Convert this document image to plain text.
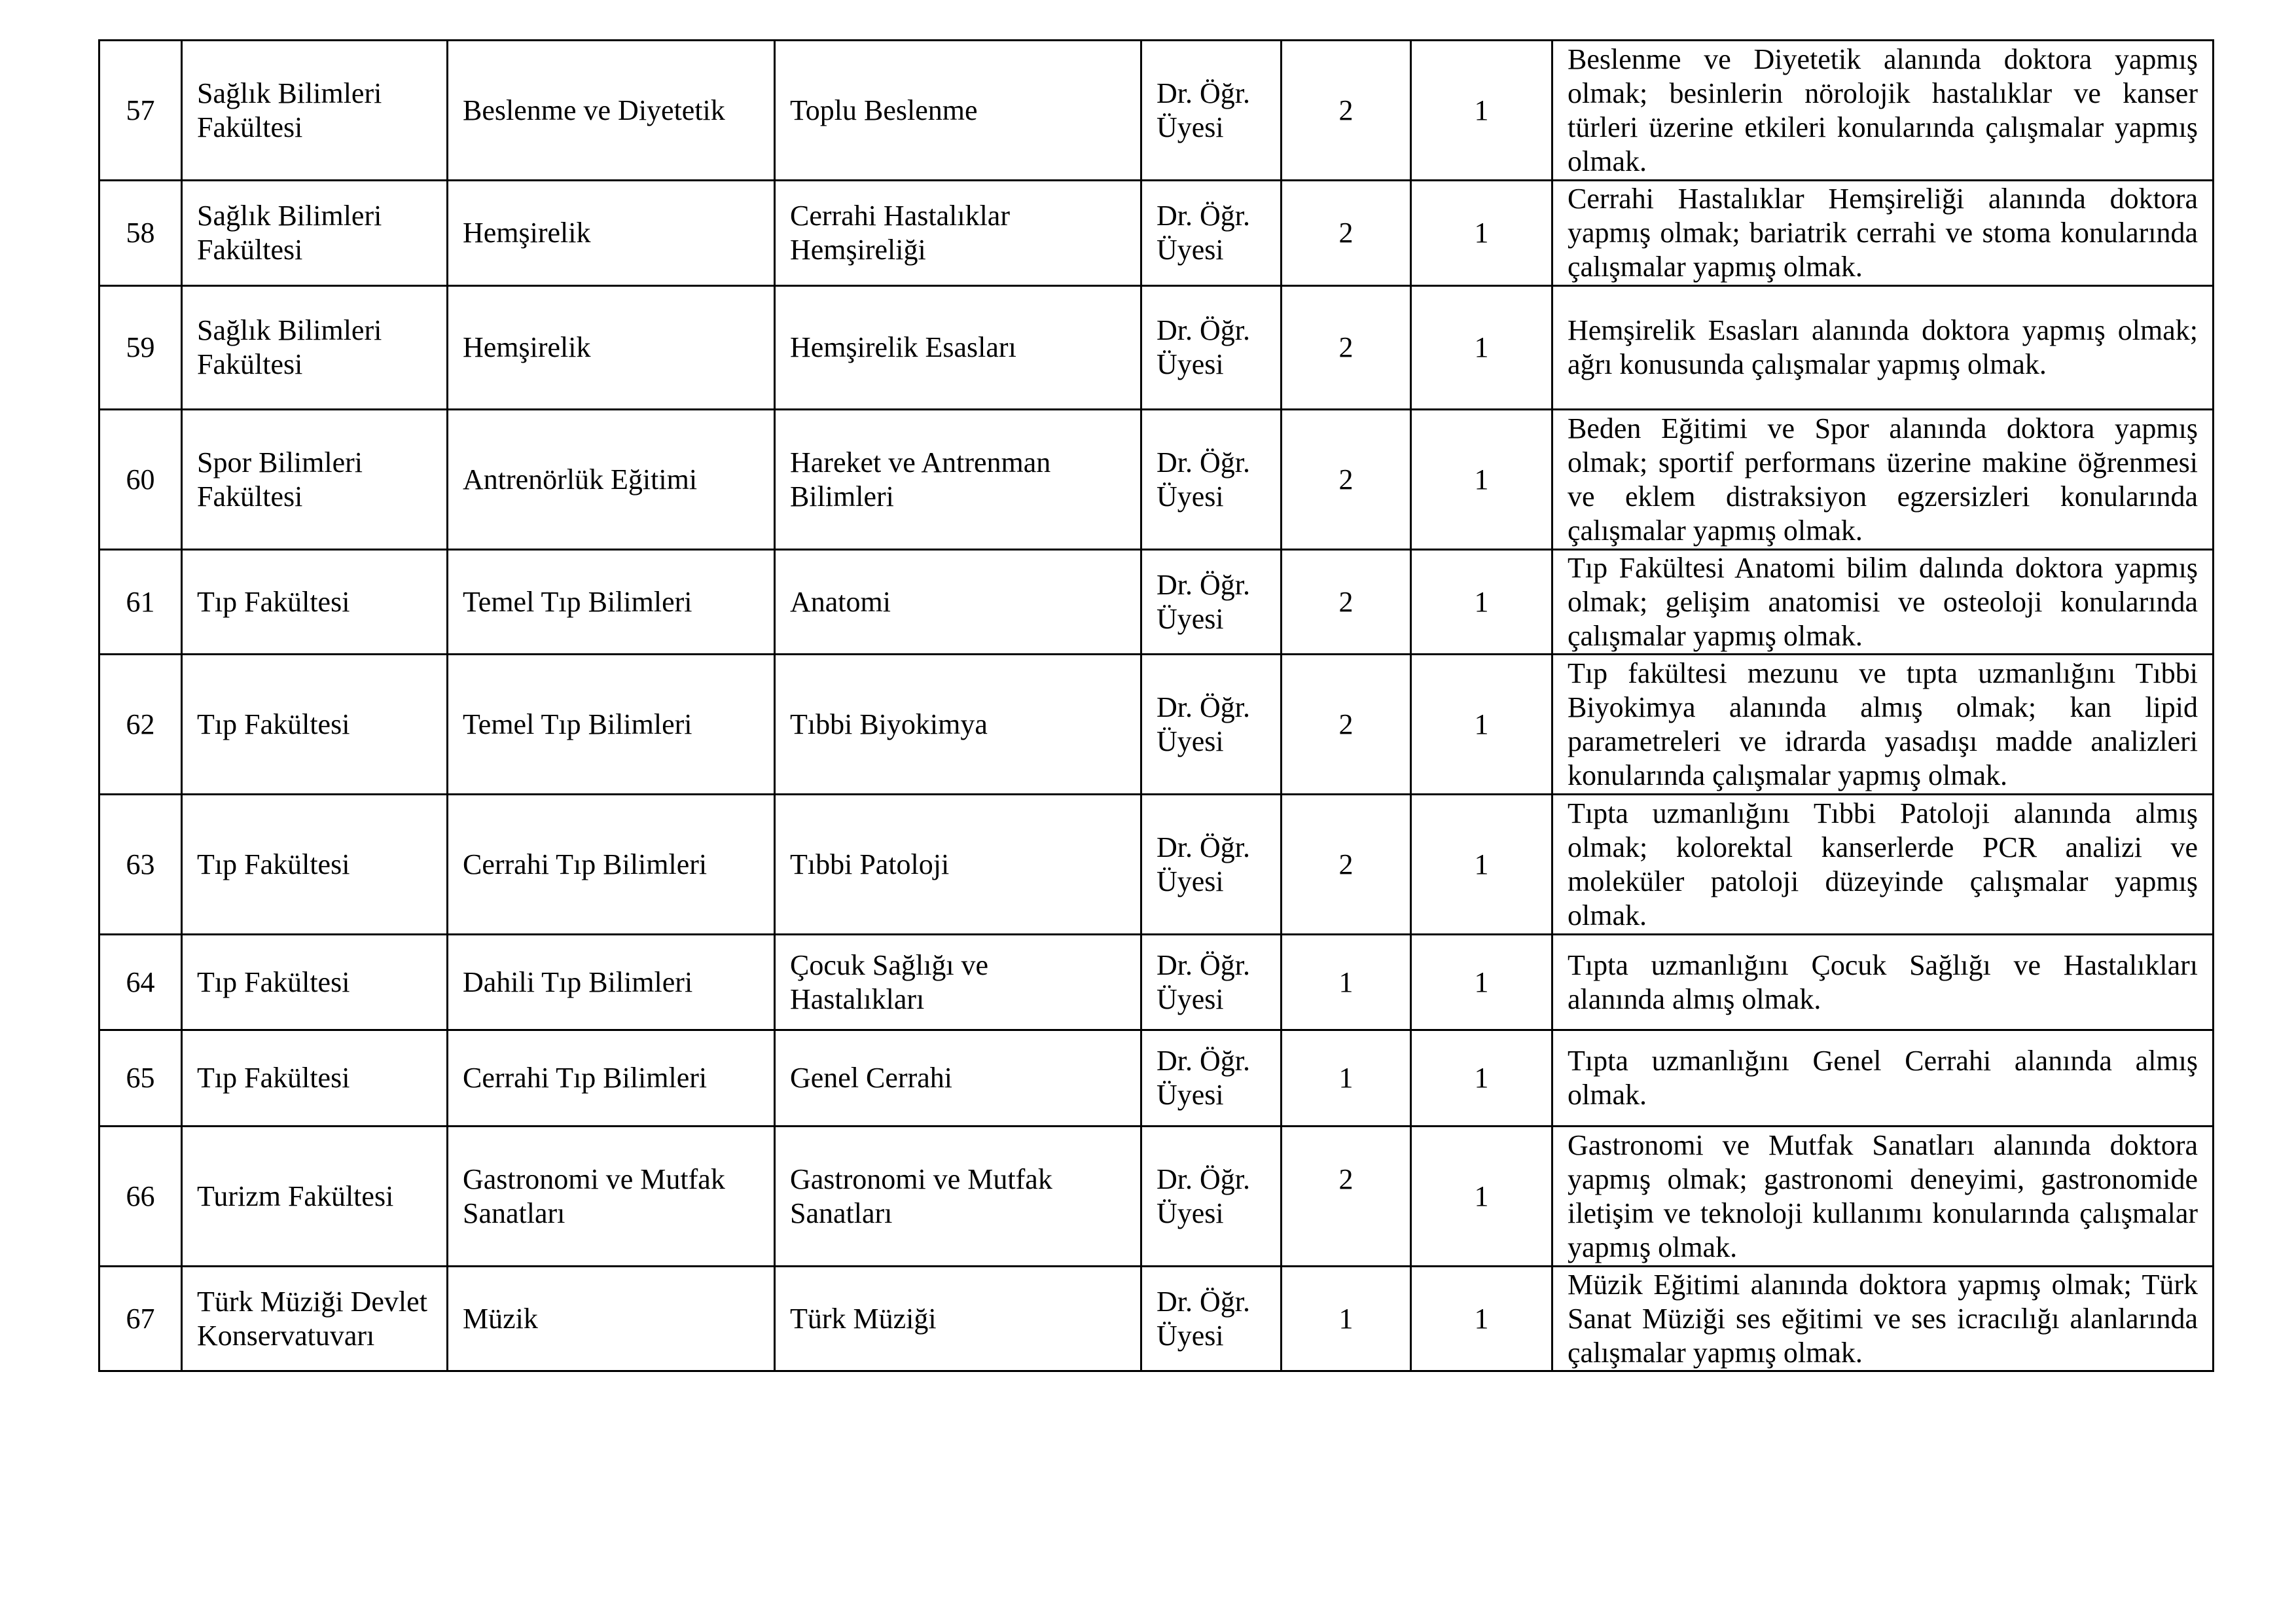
57	Sağlık Bilimleri Fakültesi	Beslenme ve Diyetetik	Toplu Beslenme	Dr. Öğr. Üyesi	2	1	Beslenme ve Diyetetik alanında doktora yapmış olmak; besinlerin nörolojik hastalıklar ve kanser türleri üzerine etkileri konularında çalışmalar yapmış olmak.
58	Sağlık Bilimleri Fakültesi	Hemşirelik	Cerrahi Hastalıklar Hemşireliği	Dr. Öğr. Üyesi	2	1	Cerrahi Hastalıklar Hemşireliği alanında doktora yapmış olmak; bariatrik cerrahi ve stoma konularında çalışmalar yapmış olmak.
59	Sağlık Bilimleri Fakültesi	Hemşirelik	Hemşirelik Esasları	Dr. Öğr. Üyesi	2	1	Hemşirelik Esasları alanında doktora yapmış olmak; ağrı konusunda çalışmalar yapmış olmak.
60	Spor Bilimleri Fakültesi	Antrenörlük Eğitimi	Hareket ve Antrenman Bilimleri	Dr. Öğr. Üyesi	2	1	Beden Eğitimi ve Spor alanında doktora yapmış olmak; sportif performans üzerine makine öğrenmesi ve eklem distraksiyon egzersizleri konularında çalışmalar yapmış olmak.
61	Tıp Fakültesi	Temel Tıp Bilimleri	Anatomi	Dr. Öğr. Üyesi	2	1	Tıp Fakültesi Anatomi bilim dalında doktora yapmış olmak; gelişim anatomisi ve osteoloji konularında çalışmalar yapmış olmak.
62	Tıp Fakültesi	Temel Tıp Bilimleri	Tıbbi Biyokimya	Dr. Öğr. Üyesi	2	1	Tıp fakültesi mezunu ve tıpta uzmanlığını Tıbbi Biyokimya alanında almış olmak; kan lipid parametreleri ve idrarda yasadışı madde analizleri konularında çalışmalar yapmış olmak.
63	Tıp Fakültesi	Cerrahi Tıp Bilimleri	Tıbbi Patoloji	Dr. Öğr. Üyesi	2	1	Tıpta uzmanlığını Tıbbi Patoloji alanında almış olmak; kolorektal kanserlerde PCR analizi ve moleküler patoloji düzeyinde çalışmalar yapmış olmak.
64	Tıp Fakültesi	Dahili Tıp Bilimleri	Çocuk Sağlığı ve Hastalıkları	Dr. Öğr. Üyesi	1	1	Tıpta uzmanlığını Çocuk Sağlığı ve Hastalıkları alanında almış olmak.
65	Tıp Fakültesi	Cerrahi Tıp Bilimleri	Genel Cerrahi	Dr. Öğr. Üyesi	1	1	Tıpta uzmanlığını Genel Cerrahi alanında almış olmak.
66	Turizm Fakültesi	Gastronomi ve Mutfak Sanatları	Gastronomi ve Mutfak Sanatları	Dr. Öğr. Üyesi	2	1	Gastronomi ve Mutfak Sanatları alanında doktora yapmış olmak; gastronomi deneyimi, gastronomide iletişim ve teknoloji kullanımı konularında çalışmalar yapmış olmak.
67	Türk Müziği Devlet Konservatuvarı	Müzik	Türk Müziği	Dr. Öğr. Üyesi	1	1	Müzik Eğitimi alanında doktora yapmış olmak; Türk Sanat Müziği ses eğitimi ve ses icracılığı alanlarında çalışmalar yapmış olmak.
